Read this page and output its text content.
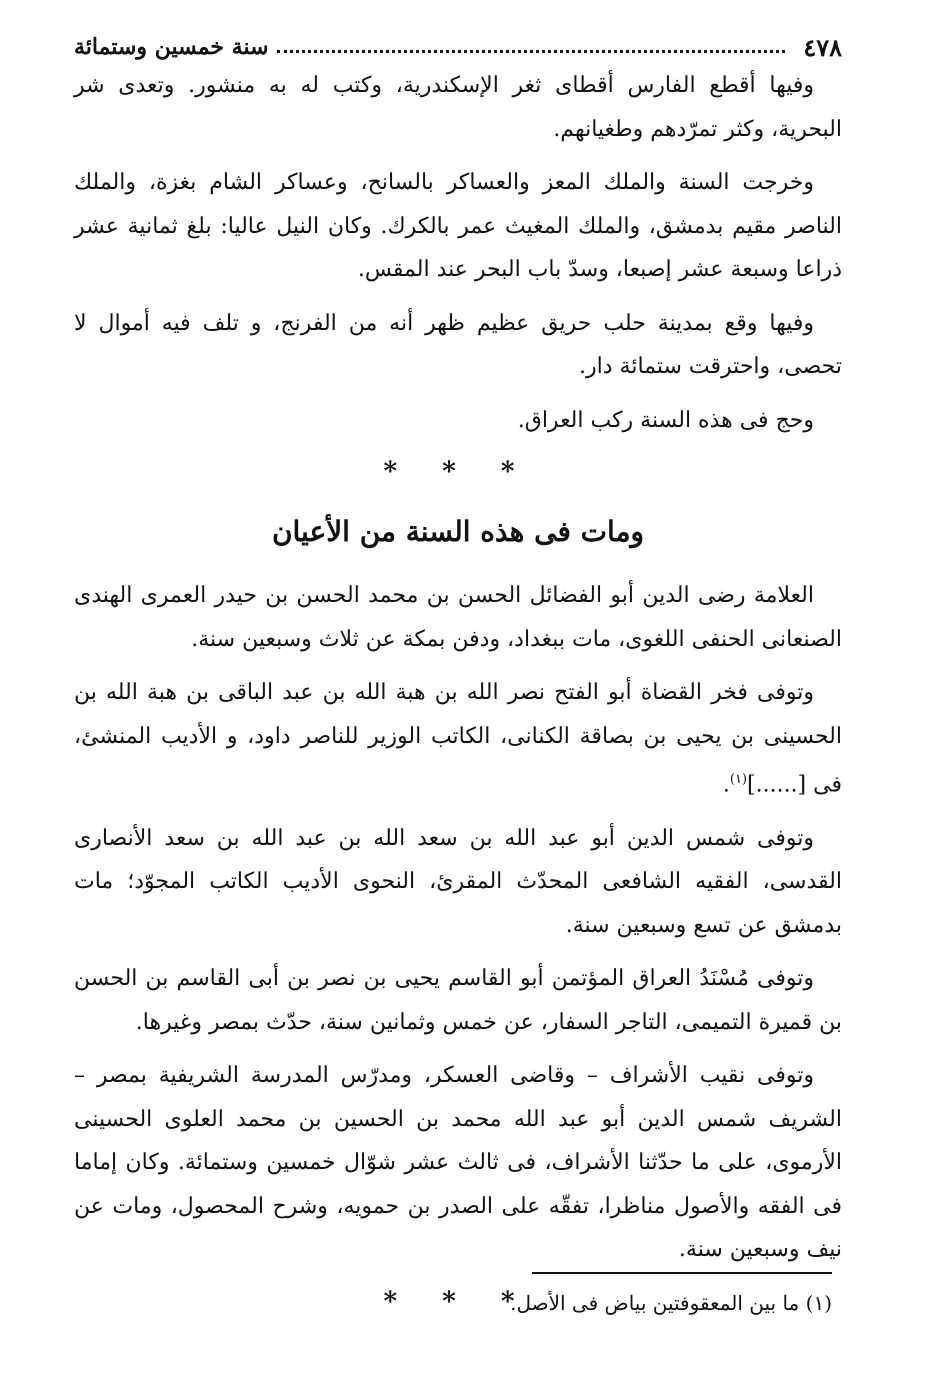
٤٧٨
سنة خمسين وستمائة

وفيها أقطع الفارس أقطاى ثغر الإسكندرية، وكتب له به منشور. وتعدى شر البحرية، وكثر تمرّدهم وطغيانهم.

وخرجت السنة والملك المعز والعساكر بالسانح، وعساكر الشام بغزة، والملك الناصر مقيم بدمشق، والملك المغيث عمر بالكرك. وكان النيل عاليا: بلغ ثمانية عشر ذراعا وسبعة عشر إصبعا، وسدّ باب البحر عند المقس.

وفيها وقع بمدينة حلب حريق عظيم ظهر أنه من الفرنج، و تلف فيه أموال لا تحصى، واحترقت ستمائة دار.

وحج فى هذه السنة ركب العراق.

* * *
ومات فى هذه السنة من الأعيان

العلامة رضى الدين أبو الفضائل الحسن بن محمد الحسن بن حيدر العمرى الهندى الصنعانى الحنفى اللغوى، مات ببغداد، ودفن بمكة عن ثلاث وسبعين سنة.

وتوفى فخر القضاة أبو الفتح نصر الله بن هبة الله بن عبد الباقى بن هبة الله بن الحسينى بن يحيى بن بصاقة الكنانى، الكاتب الوزير للناصر داود، و الأديب المنشئ، فى [......]$^{(١)}$.

وتوفى شمس الدين أبو عبد الله بن سعد الله بن عبد الله بن سعد الأنصارى القدسى، الفقيه الشافعى المحدّث المقرئ، النحوى الأديب الكاتب المجوّد؛ مات بدمشق عن تسع وسبعين سنة.

وتوفى مُسْنَدُ العراق المؤتمن أبو القاسم يحيى بن نصر بن أبى القاسم بن الحسن بن قميرة التميمى، التاجر السفار، عن خمس وثمانين سنة، حدّث بمصر وغيرها.

وتوفى نقيب الأشراف – وقاضى العسكر، ومدرّس المدرسة الشريفية بمصر – الشريف شمس الدين أبو عبد الله محمد بن الحسين بن محمد العلوى الحسينى الأرموى، على ما حدّثنا الأشراف، فى ثالث عشر شوّال خمسين وستمائة. وكان إماما فى الفقه والأصول مناظرا، تفقّه على الصدر بن حمويه، وشرح المحصول، ومات عن نيف وسبعين سنة.

* * *
(١) ما بين المعقوفتين بياض فى الأصل.
